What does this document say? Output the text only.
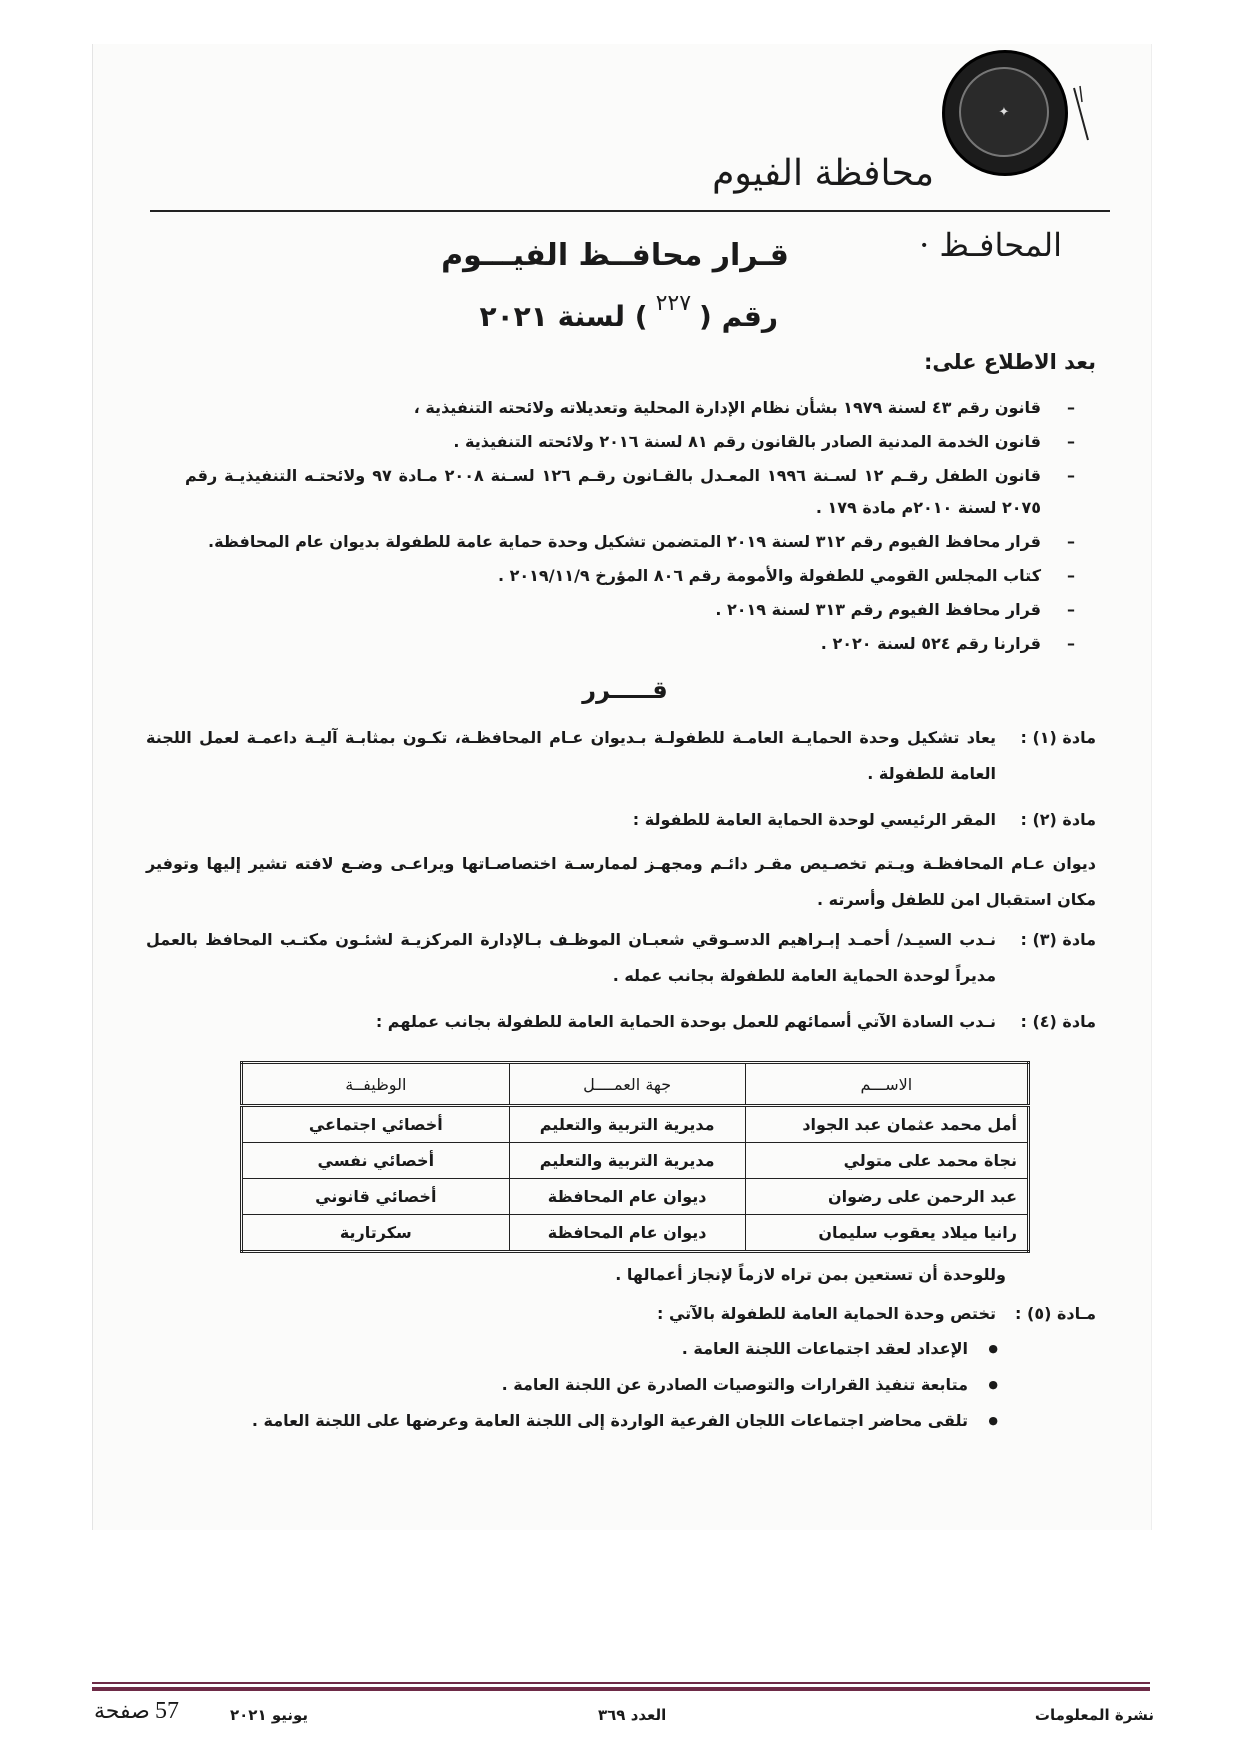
✦
محافظة الفيوم
المحافـظ ·
قـرار محافــظ الفيـــوم
رقم ($^{٢٢٧}$) لسنة ٢٠٢١
بعد الاطلاع على:
– قانون رقم ٤٣ لسنة ١٩٧٩ بشأن نظام الإدارة المحلية وتعديلاته ولائحته التنفيذية ،
– قانون الخدمة المدنية الصادر بالقانون رقم ٨١ لسنة ٢٠١٦ ولائحته التنفيذية .
– قانون الطفل رقـم ١٢ لسـنة ١٩٩٦ المعـدل بالقـانون رقـم ١٢٦ لسـنة ٢٠٠٨ مـادة ٩٧ ولائحتـه التنفيذيـة رقم ٢٠٧٥ لسنة ٢٠١٠م مادة ١٧٩ .
– قرار محافظ الفيوم رقم ٣١٢ لسنة ٢٠١٩ المتضمن تشكيل وحدة حماية عامة للطفولة بديوان عام المحافظة.
– كتاب المجلس القومي للطفولة والأمومة رقم ٨٠٦ المؤرخ ٢٠١٩/١١/٩ .
– قرار محافظ الفيوم رقم ٣١٣ لسنة ٢٠١٩ .
– قرارنا رقم ٥٢٤ لسنة ٢٠٢٠ .
قـــــرر
مادة (١) :
يعاد تشكيل وحدة الحمايـة العامـة للطفولـة بـديوان عـام المحافظـة، تكـون بمثابـة آليـة داعمـة لعمل اللجنة العامة للطفولة .
مادة (٢) :
المقر الرئيسي لوحدة الحماية العامة للطفولة :
ديوان عـام المحافظـة ويـتم تخصـيص مقـر دائـم ومجهـز لممارسـة اختصاصـاتها ويراعـى وضـع لافته تشير إليها وتوفير مكان استقبال امن للطفل وأسرته .
مادة (٣) :
نـدب السيـد/ أحمـد إبـراهيم الدسـوقي شعبـان الموظـف بـالإدارة المركزيـة لشئـون مكتـب المحافظ بالعمل مديراً لوحدة الحماية العامة للطفولة بجانب عمله .
مادة (٤) :
نـدب السادة الآتي أسمائهم للعمل بوحدة الحماية العامة للطفولة بجانب عملهم :
الاســـم	جهة العمــــل	الوظيفــة
أمل محمد عثمان عبد الجواد	مديرية التربية والتعليم	أخصائي اجتماعي
نجاة محمد على متولي	مديرية التربية والتعليم	أخصائي نفسي
عبد الرحمن على رضوان	ديوان عام المحافظة	أخصائي قانوني
رانيا ميلاد يعقوب سليمان	ديوان عام المحافظة	سكرتارية
وللوحدة أن تستعين بمن تراه لازماً لإنجاز أعمالها .
مـادة (٥) :
تختص وحدة الحماية العامة للطفولة بالآتي :
● الإعداد لعقد اجتماعات اللجنة العامة .
● متابعة تنفيذ القرارات والتوصيات الصادرة عن اللجنة العامة .
● تلقى محاضر اجتماعات اللجان الفرعية الواردة إلى اللجنة العامة وعرضها على اللجنة العامة .
نشرة المعلومات
العدد ٣٦٩
يونيو ٢٠٢١
57 صفحة
